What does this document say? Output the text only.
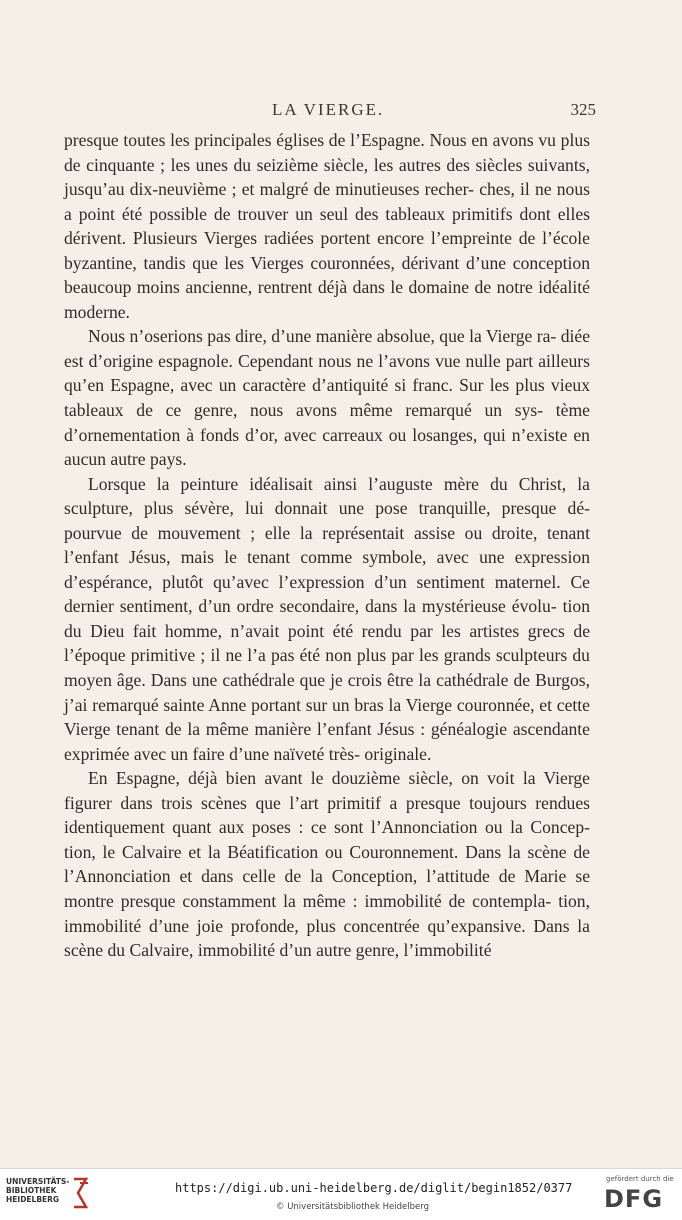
LA VIERGE.	325

presque toutes les principales églises de l’Espagne. Nous en avons vu plus de cinquante ; les unes du seizième siècle, les autres des siècles suivants, jusqu’au dix-neuvième ; et malgré de minutieuses recher- ches, il ne nous a point été possible de trouver un seul des tableaux primitifs dont elles dérivent. Plusieurs Vierges radiées portent encore l’empreinte de l’école byzantine, tandis que les Vierges couronnées, dérivant d’une conception beaucoup moins ancienne, rentrent déjà dans le domaine de notre idéalité moderne.

Nous n’oserions pas dire, d’une manière absolue, que la Vierge ra- diée est d’origine espagnole. Cependant nous ne l’avons vue nulle part ailleurs qu’en Espagne, avec un caractère d’antiquité si franc. Sur les plus vieux tableaux de ce genre, nous avons même remarqué un sys- tème d’ornementation à fonds d’or, avec carreaux ou losanges, qui n’existe en aucun autre pays.

Lorsque la peinture idéalisait ainsi l’auguste mère du Christ, la sculpture, plus sévère, lui donnait une pose tranquille, presque dé- pourvue de mouvement ; elle la représentait assise ou droite, tenant l’enfant Jésus, mais le tenant comme symbole, avec une expression d’espérance, plutôt qu’avec l’expression d’un sentiment maternel. Ce dernier sentiment, d’un ordre secondaire, dans la mystérieuse évolu- tion du Dieu fait homme, n’avait point été rendu par les artistes grecs de l’époque primitive ; il ne l’a pas été non plus par les grands sculpteurs du moyen âge. Dans une cathédrale que je crois être la cathédrale de Burgos, j’ai remarqué sainte Anne portant sur un bras la Vierge couronnée, et cette Vierge tenant de la même manière l’enfant Jésus : généalogie ascendante exprimée avec un faire d’une naïveté très- originale.

En Espagne, déjà bien avant le douzième siècle, on voit la Vierge figurer dans trois scènes que l’art primitif a presque toujours rendues identiquement quant aux poses : ce sont l’Annonciation ou la Concep- tion, le Calvaire et la Béatification ou Couronnement. Dans la scène de l’Annonciation et dans celle de la Conception, l’attitude de Marie se montre presque constamment la même : immobilité de contempla- tion, immobilité d’une joie profonde, plus concentrée qu’expansive. Dans la scène du Calvaire, immobilité d’un autre genre, l’immobilité

UNIVERSITÄTS-
BIBLIOTHEK
HEIDELBERG
https://digi.ub.uni-heidelberg.de/diglit/begin1852/0377
© Universitätsbibliothek Heidelberg
gefördert durch die
DFG
